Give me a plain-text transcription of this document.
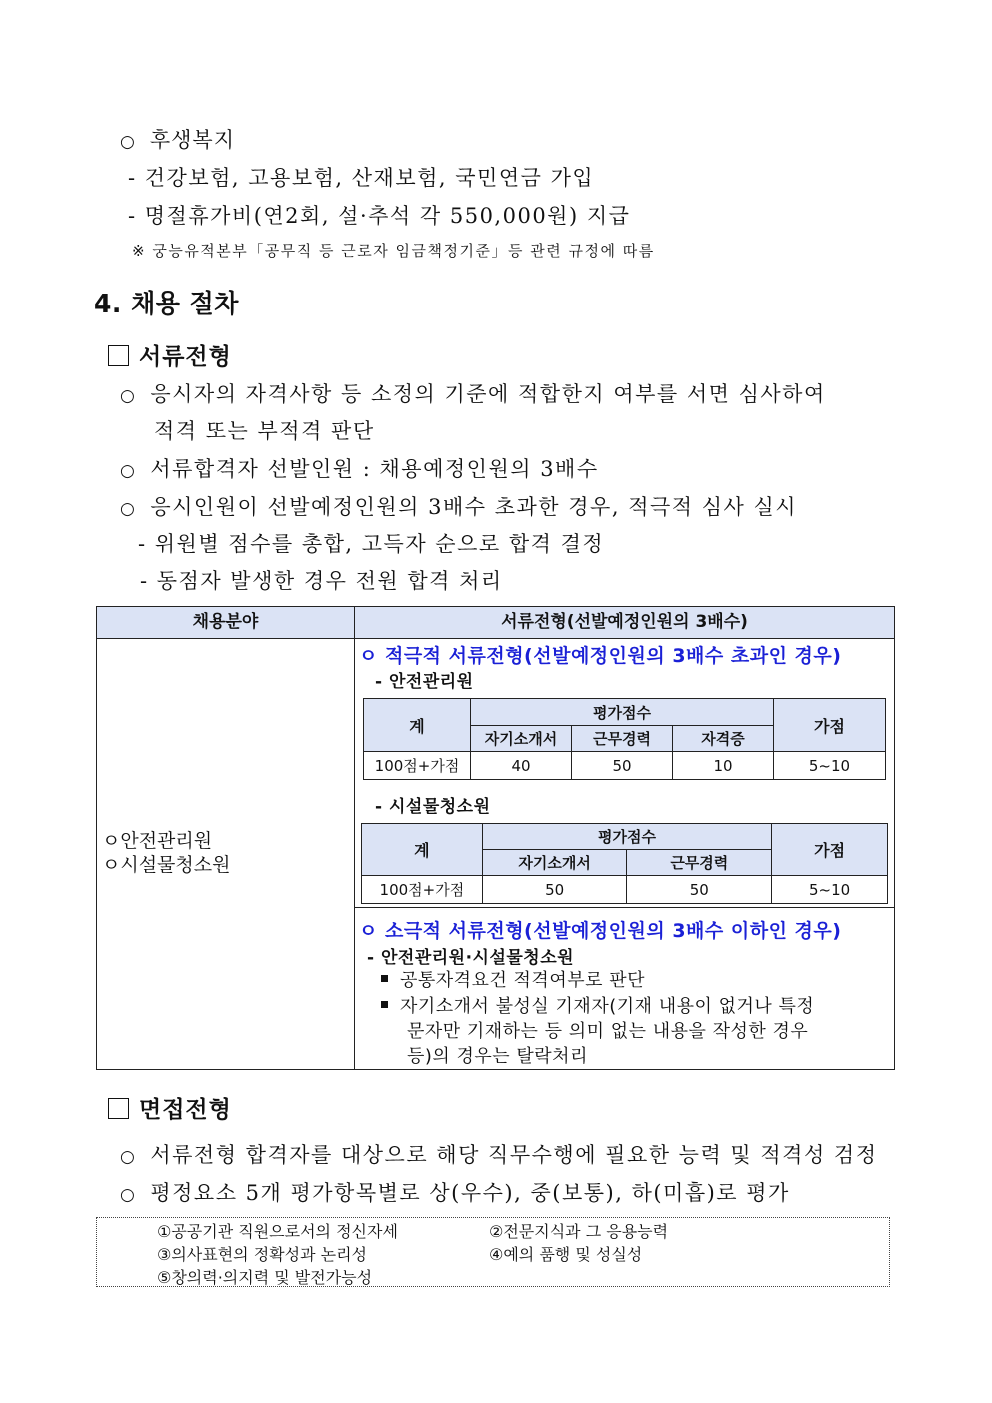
○ 후생복지
- 건강보험, 고용보험, 산재보험, 국민연금 가입
- 명절휴가비(연2회, 설·추석 각 550,000원) 지급
※ 궁능유적본부「공무직 등 근로자 임금책정기준」등 관련 규정에 따름
4. 채용 절차
서류전형
○ 응시자의 자격사항 등 소정의 기준에 적합한지 여부를 서면 심사하여
적격 또는 부적격 판단
○ 서류합격자 선발인원 : 채용예정인원의 3배수
○ 응시인원이 선발예정인원의 3배수 초과한 경우, 적극적 심사 실시
- 위원별 점수를 총합, 고득자 순으로 합격 결정
- 동점자 발생한 경우 전원 합격 처리
채용분야	서류전형(선발예정인원의 3배수)
ㅇ안전관리원
ㅇ시설물청소원
ㅇ 적극적 서류전형(선발예정인원의 3배수 초과인 경우)
- 안전관리원
계	평가점수			가점
	자기소개서	근무경력	자격증	
100점+가점	40	50	10	5~10
- 시설물청소원
계	평가점수		가점
	자기소개서	근무경력	
100점+가점	50	50	5~10
ㅇ 소극적 서류전형(선발예정인원의 3배수 이하인 경우)
- 안전관리원·시설물청소원
공통자격요건 적격여부로 판단
자기소개서 불성실 기재자(기재 내용이 없거나 특정
문자만 기재하는 등 의미 없는 내용을 작성한 경우
등)의 경우는 탈락처리
면접전형
○ 서류전형 합격자를 대상으로 해당 직무수행에 필요한 능력 및 적격성 검정
○ 평정요소 5개 평가항목별로 상(우수), 중(보통), 하(미흡)로 평가
①공공기관 직원으로서의 정신자세	②전문지식과 그 응용능력
③의사표현의 정확성과 논리성	④예의 품행 및 성실성
⑤창의력·의지력 및 발전가능성
